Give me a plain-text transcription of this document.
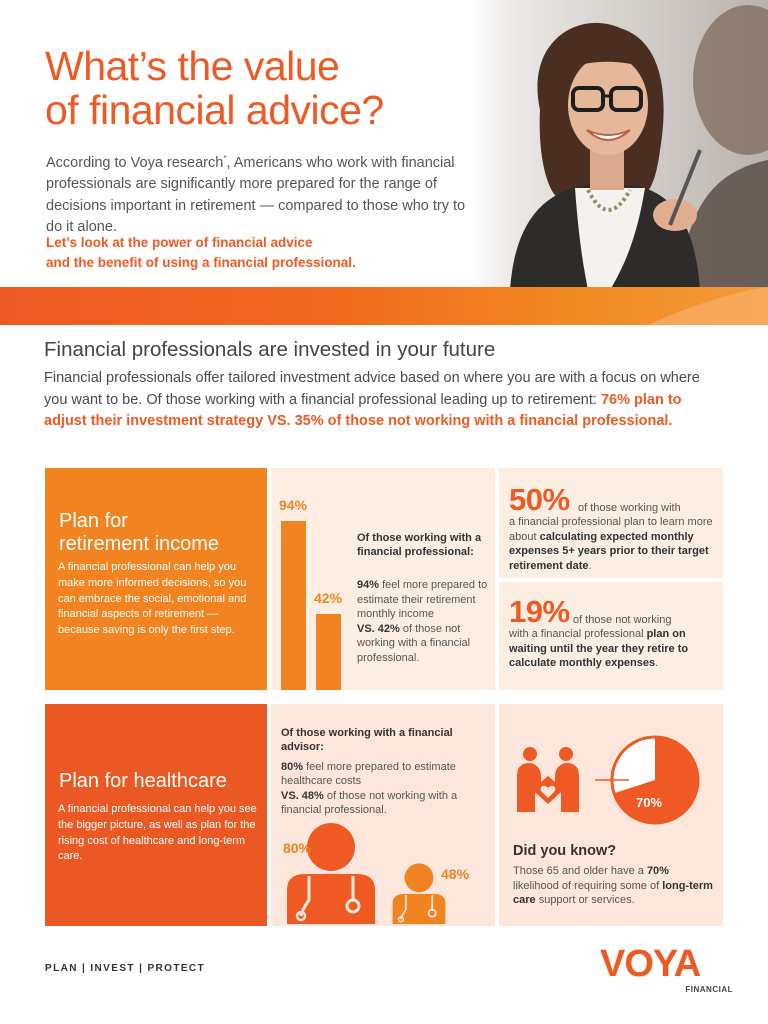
What’s the value
of financial advice?
According to Voya research*, Americans who work with financial professionals are significantly more prepared for the range of decisions important in retirement — compared to those who try to do it alone.
Let’s look at the power of financial advice
and the benefit of using a financial professional.
Financial professionals are invested in your future
Financial professionals offer tailored investment advice based on where you are with a focus on where you want to be. Of those working with a financial professional leading up to retirement: 76% plan to adjust their investment strategy VS. 35% of those not working with a financial professional.
Plan for
retirement income
A financial professional can help you make more informed decisions, so you can embrace the social, emotional and financial aspects of retirement — because saving is only the first step.
94%
42%
Of those working with a financial professional:
94% feel more prepared to estimate their retirement monthly income
VS. 42% of those not working with a financial professional.
50% of those working with
a financial professional plan to learn more about calculating expected monthly expenses 5+ years prior to their target retirement date.
19% of those not working
with a financial professional plan on waiting until the year they retire to calculate monthly expenses.
Plan for healthcare
A financial professional can help you see the bigger picture, as well as plan for the rising cost of healthcare and long-term care.
Of those working with a financial advisor:
80% feel more prepared to estimate healthcare costs
VS. 48% of those not working with a financial professional.
80%
48%
70%
Did you know?
Those 65 and older have a 70% likelihood of requiring some of long-term care support or services.
PLAN | INVEST | PROTECT	VOYA
FINANCIAL
